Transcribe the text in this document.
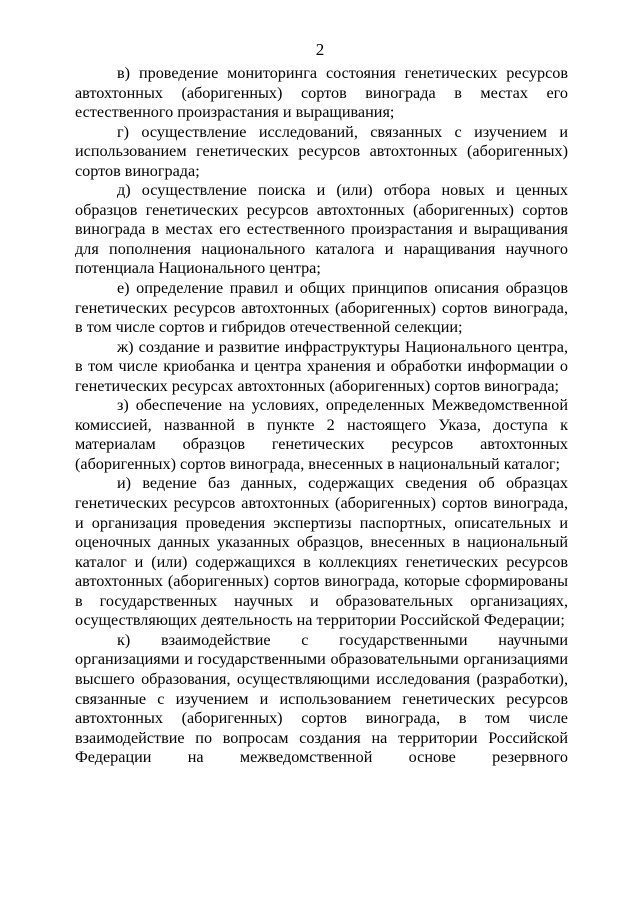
2

в) проведение мониторинга состояния генетических ресурсов автохтонных (аборигенных) сортов винограда в местах его естественного произрастания и выращивания;

г) осуществление исследований, связанных с изучением и использованием генетических ресурсов автохтонных (аборигенных) сортов винограда;

д) осуществление поиска и (или) отбора новых и ценных образцов генетических ресурсов автохтонных (аборигенных) сортов винограда в местах его естественного произрастания и выращивания для пополнения национального каталога и наращивания научного потенциала Национального центра;

е) определение правил и общих принципов описания образцов генетических ресурсов автохтонных (аборигенных) сортов винограда, в том числе сортов и гибридов отечественной селекции;

ж) создание и развитие инфраструктуры Национального центра, в том числе криобанка и центра хранения и обработки информации о генетических ресурсах автохтонных (аборигенных) сортов винограда;

з) обеспечение на условиях, определенных Межведомственной комиссией, названной в пункте 2 настоящего Указа, доступа к материалам образцов генетических ресурсов автохтонных (аборигенных) сортов винограда, внесенных в национальный каталог;

и) ведение баз данных, содержащих сведения об образцах генетических ресурсов автохтонных (аборигенных) сортов винограда, и организация проведения экспертизы паспортных, описательных и оценочных данных указанных образцов, внесенных в национальный каталог и (или) содержащихся в коллекциях генетических ресурсов автохтонных (аборигенных) сортов винограда, которые сформированы в государственных научных и образовательных организациях, осуществляющих деятельность на территории Российской Федерации;

к) взаимодействие с государственными научными организациями и государственными образовательными организациями высшего образования, осуществляющими исследования (разработки), связанные с изучением и использованием генетических ресурсов автохтонных (аборигенных) сортов винограда, в том числе взаимодействие по вопросам создания на территории Российской Федерации на межведомственной основе резервного
